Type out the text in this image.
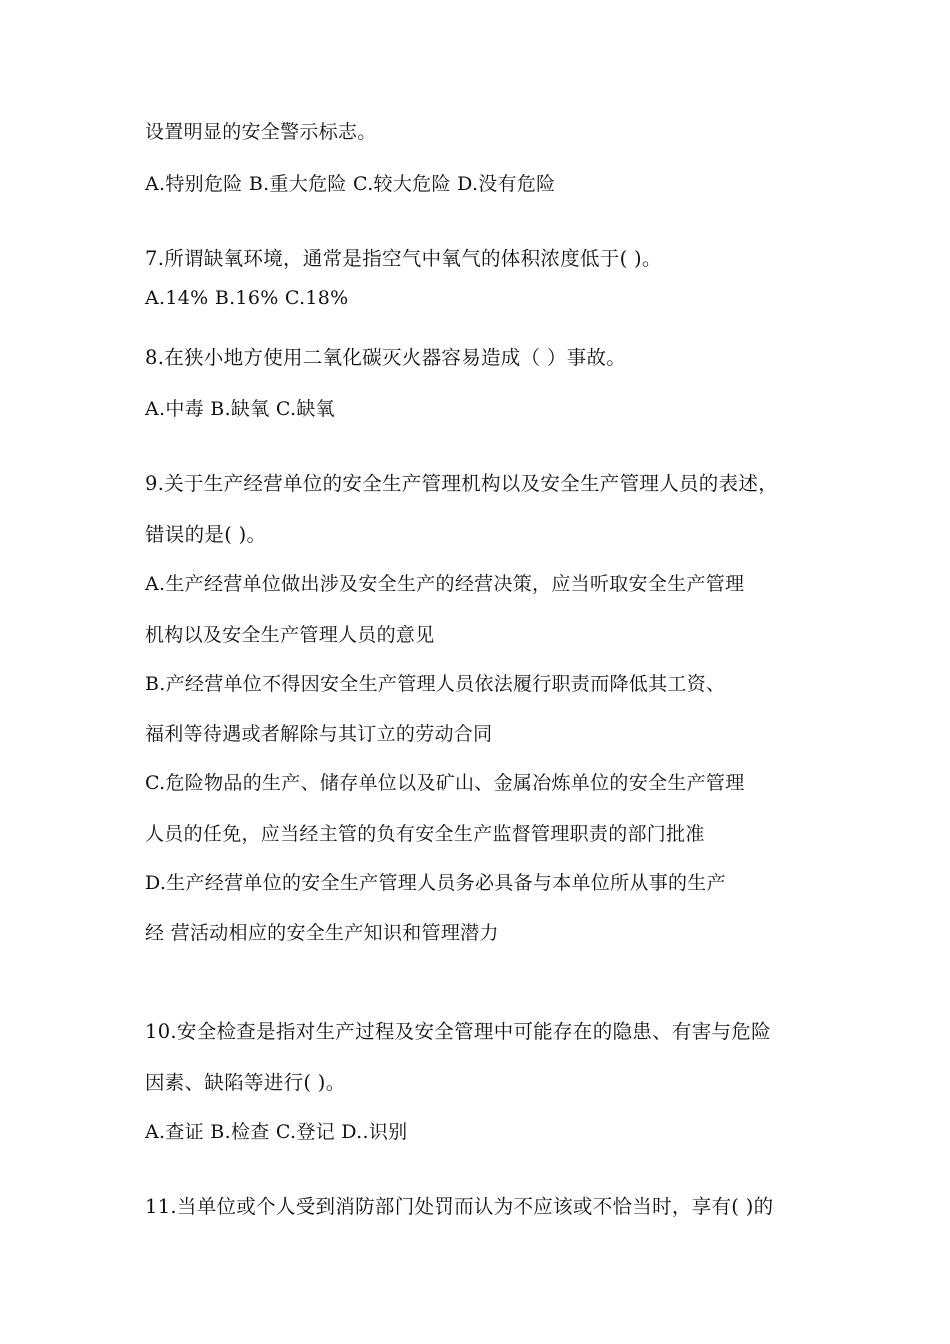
设置明显的安全警示标志。
A.特别危险 B.重大危险 C.较大危险 D.没有危险
7.所谓缺氧环境，通常是指空气中氧气的体积浓度低于( )。
A.14% B.16% C.18%
8.在狭小地方使用二氧化碳灭火器容易造成（ ）事故。
A.中毒 B.缺氧 C.缺氧
9.关于生产经营单位的安全生产管理机构以及安全生产管理人员的表述，
错误的是( )。
A.生产经营单位做出涉及安全生产的经营决策，应当听取安全生产管理
机构以及安全生产管理人员的意见
B.产经营单位不得因安全生产管理人员依法履行职责而降低其工资、
福利等待遇或者解除与其订立的劳动合同
C.危险物品的生产、储存单位以及矿山、金属冶炼单位的安全生产管理
人员的任免，应当经主管的负有安全生产监督管理职责的部门批准
D.生产经营单位的安全生产管理人员务必具备与本单位所从事的生产
经 营活动相应的安全生产知识和管理潜力
10.安全检查是指对生产过程及安全管理中可能存在的隐患、有害与危险
因素、缺陷等进行( )。
A.查证 B.检查 C.登记 D..识别
11.当单位或个人受到消防部门处罚而认为不应该或不恰当时，享有( )的
